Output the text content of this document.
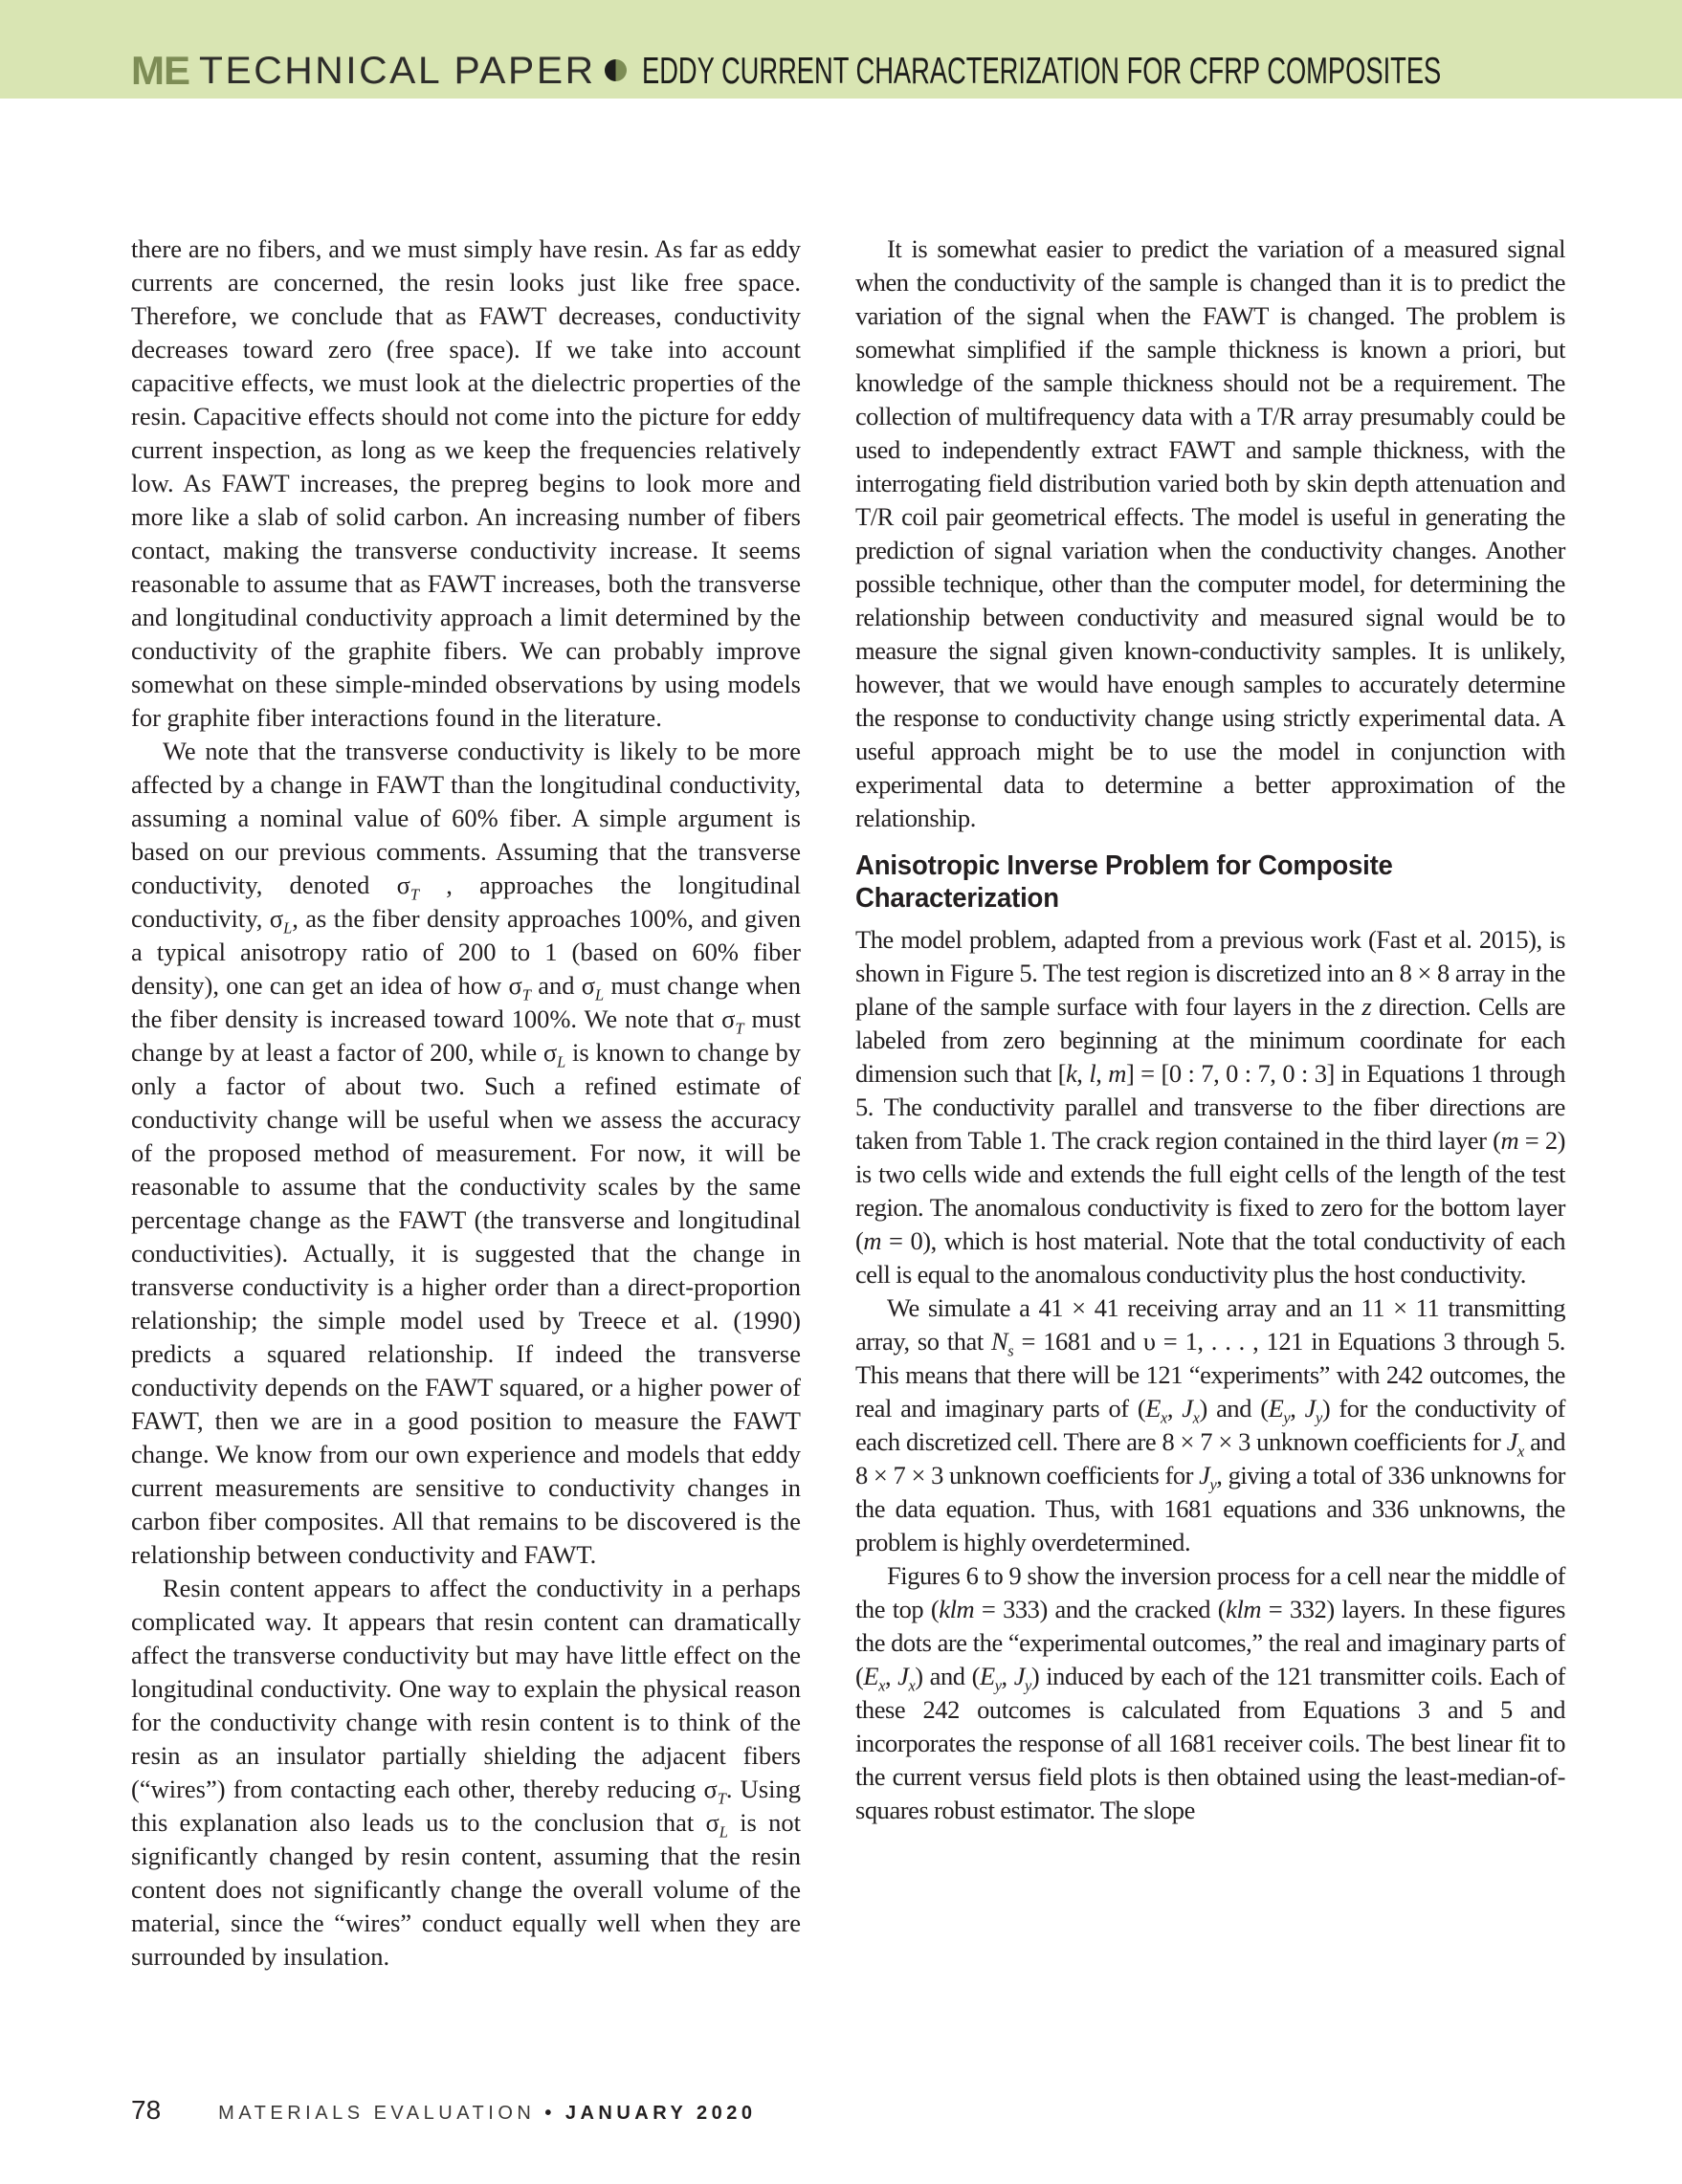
ME TECHNICAL PAPER EDDY CURRENT CHARACTERIZATION FOR CFRP COMPOSITES

there are no fibers, and we must simply have resin. As far as eddy currents are concerned, the resin looks just like free space. Therefore, we conclude that as FAWT decreases, conductivity decreases toward zero (free space). If we take into account capacitive effects, we must look at the dielectric properties of the resin. Capacitive effects should not come into the picture for eddy current inspection, as long as we keep the frequencies relatively low. As FAWT increases, the prepreg begins to look more and more like a slab of solid carbon. An increasing number of fibers contact, making the transverse conductivity increase. It seems reasonable to assume that as FAWT increases, both the transverse and longitudinal conductivity approach a limit determined by the conductivity of the graphite fibers. We can probably improve somewhat on these simple-minded observations by using models for graphite fiber interactions found in the literature.

We note that the transverse conductivity is likely to be more affected by a change in FAWT than the longitudinal conductivity, assuming a nominal value of 60% fiber. A simple argument is based on our previous comments. Assuming that the transverse conductivity, denoted $\sigma_T$ , approaches the longitudinal conductivity, $\sigma_L$, as the fiber density approaches 100%, and given a typical anisotropy ratio of 200 to 1 (based on 60% fiber density), one can get an idea of how $\sigma_T$ and $\sigma_L$ must change when the fiber density is increased toward 100%. We note that $\sigma_T$ must change by at least a factor of 200, while $\sigma_L$ is known to change by only a factor of about two. Such a refined estimate of conductivity change will be useful when we assess the accuracy of the proposed method of measurement. For now, it will be reasonable to assume that the conductivity scales by the same percentage change as the FAWT (the transverse and longitudinal conductivities). Actually, it is suggested that the change in transverse conductivity is a higher order than a direct-proportion relationship; the simple model used by Treece et al. (1990) predicts a squared relationship. If indeed the transverse conductivity depends on the FAWT squared, or a higher power of FAWT, then we are in a good position to measure the FAWT change. We know from our own experience and models that eddy current measurements are sensitive to conductivity changes in carbon fiber composites. All that remains to be discovered is the relationship between conductivity and FAWT.

Resin content appears to affect the conductivity in a perhaps complicated way. It appears that resin content can dramatically affect the transverse conductivity but may have little effect on the longitudinal conductivity. One way to explain the physical reason for the conductivity change with resin content is to think of the resin as an insulator partially shielding the adjacent fibers (“wires”) from contacting each other, thereby reducing $\sigma_T$. Using this explanation also leads us to the conclusion that $\sigma_L$ is not significantly changed by resin content, assuming that the resin content does not significantly change the overall volume of the material, since the “wires” conduct equally well when they are surrounded by insulation.

It is somewhat easier to predict the variation of a measured signal when the conductivity of the sample is changed than it is to predict the variation of the signal when the FAWT is changed. The problem is somewhat simplified if the sample thickness is known a priori, but knowledge of the sample thickness should not be a requirement. The collection of multifrequency data with a T/R array presumably could be used to independently extract FAWT and sample thickness, with the interrogating field distribution varied both by skin depth attenuation and T/R coil pair geometrical effects. The model is useful in generating the prediction of signal variation when the conductivity changes. Another possible technique, other than the computer model, for determining the relationship between conductivity and measured signal would be to measure the signal given known-conductivity samples. It is unlikely, however, that we would have enough samples to accurately determine the response to conductivity change using strictly experimental data. A useful approach might be to use the model in conjunction with experimental data to determine a better approximation of the relationship.

Anisotropic Inverse Problem for Composite Characterization

The model problem, adapted from a previous work (Fast et al. 2015), is shown in Figure 5. The test region is discretized into an 8 × 8 array in the plane of the sample surface with four layers in the z direction. Cells are labeled from zero beginning at the minimum coordinate for each dimension such that [k, l, m] = [0 : 7, 0 : 7, 0 : 3] in Equations 1 through 5. The conductivity parallel and transverse to the fiber directions are taken from Table 1. The crack region contained in the third layer (m = 2) is two cells wide and extends the full eight cells of the length of the test region. The anomalous conductivity is fixed to zero for the bottom layer (m = 0), which is host material. Note that the total conductivity of each cell is equal to the anomalous conductivity plus the host conductivity.

We simulate a 41 × 41 receiving array and an 11 × 11 transmitting array, so that $N_s = 1681$ and υ = 1, . . . , 121 in Equations 3 through 5. This means that there will be 121 “experiments” with 242 outcomes, the real and imaginary parts of ($E_x$, $J_x$) and ($E_y$, $J_y$) for the conductivity of each discretized cell. There are 8 × 7 × 3 unknown coefficients for $J_x$ and 8 × 7 × 3 unknown coefficients for $J_y$, giving a total of 336 unknowns for the data equation. Thus, with 1681 equations and 336 unknowns, the problem is highly overdetermined.

Figures 6 to 9 show the inversion process for a cell near the middle of the top (klm = 333) and the cracked (klm = 332) layers. In these figures the dots are the “experimental outcomes,” the real and imaginary parts of ($E_x$, $J_x$) and ($E_y$, $J_y$) induced by each of the 121 transmitter coils. Each of these 242 outcomes is calculated from Equations 3 and 5 and incorporates the response of all 1681 receiver coils. The best linear fit to the current versus field plots is then obtained using the least-median-of-squares robust estimator. The slope

78	MATERIALS EVALUATION • JANUARY 2020
